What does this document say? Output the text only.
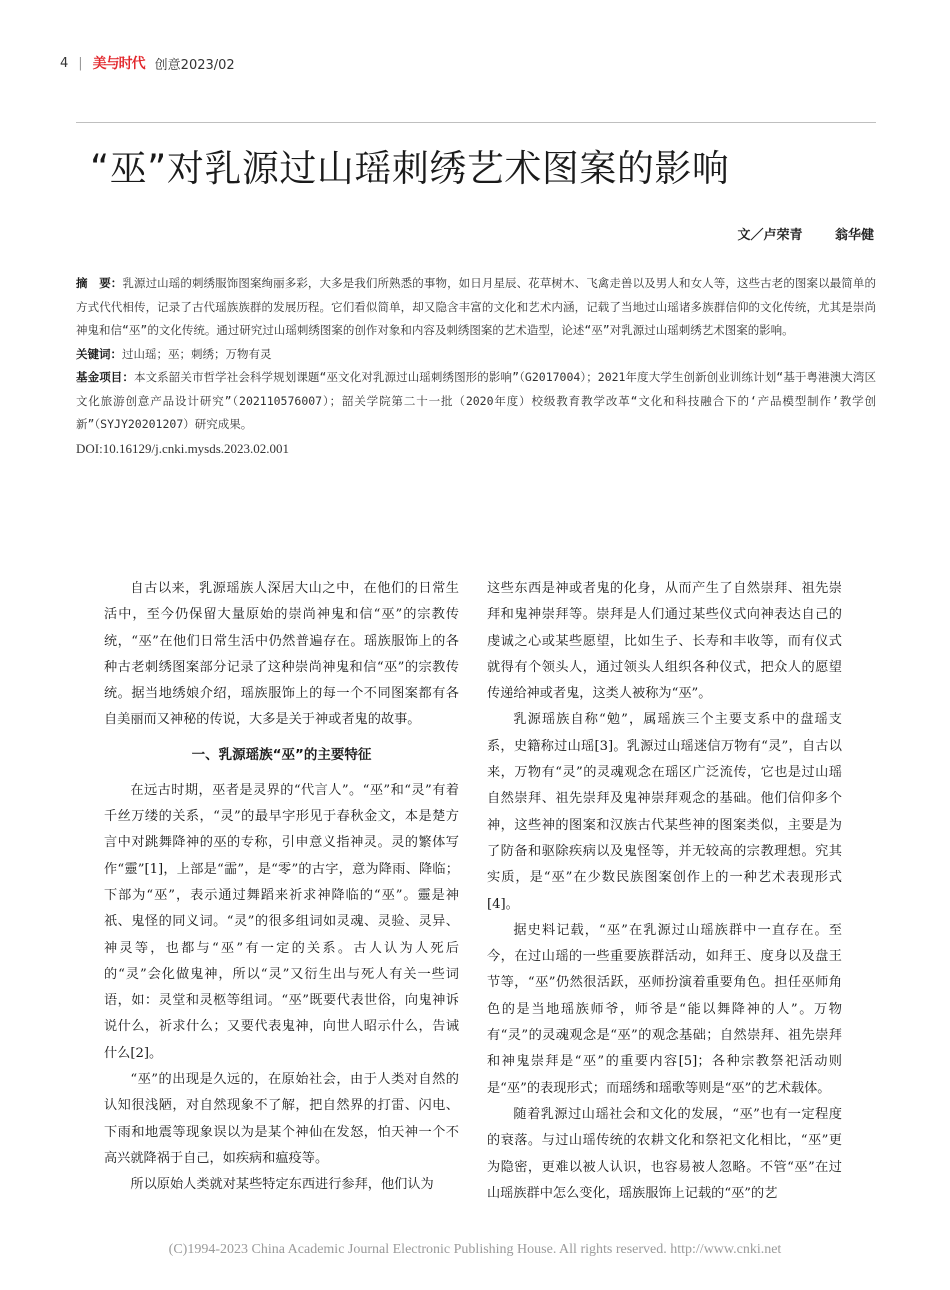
4 | 美与时代 创意2023/02
“巫”对乳源过山瑶刺绣艺术图案的影响
文／卢荣青	翁华健

摘　要：乳源过山瑶的刺绣服饰图案绚丽多彩，大多是我们所熟悉的事物，如日月星辰、花草树木、飞禽走兽以及男人和女人等，这些古老的图案以最简单的方式代代相传，记录了古代瑶族族群的发展历程。它们看似简单，却又隐含丰富的文化和艺术内涵，记载了当地过山瑶诸多族群信仰的文化传统，尤其是崇尚神鬼和信“巫”的文化传统。通过研究过山瑶刺绣图案的创作对象和内容及刺绣图案的艺术造型，论述“巫”对乳源过山瑶刺绣艺术图案的影响。

关键词：过山瑶；巫；刺绣；万物有灵

基金项目：本文系韶关市哲学社会科学规划课题“巫文化对乳源过山瑶刺绣图形的影响”（G2017004）；2021年度大学生创新创业训练计划“基于粤港澳大湾区文化旅游创意产品设计研究”（202110576007）；韶关学院第二十一批（2020年度）校级教育教学改革“文化和科技融合下的‘产品模型制作’教学创新”（SYJY20201207）研究成果。

DOI:10.16129/j.cnki.mysds.2023.02.001

自古以来，乳源瑶族人深居大山之中，在他们的日常生活中，至今仍保留大量原始的崇尚神鬼和信“巫”的宗教传统，“巫”在他们日常生活中仍然普遍存在。瑶族服饰上的各种古老刺绣图案部分记录了这种崇尚神鬼和信“巫”的宗教传统。据当地绣娘介绍，瑶族服饰上的每一个不同图案都有各自美丽而又神秘的传说，大多是关于神或者鬼的故事。

一、乳源瑶族“巫”的主要特征

在远古时期，巫者是灵界的“代言人”。“巫”和“灵”有着千丝万缕的关系，“灵”的最早字形见于春秋金文，本是楚方言中对跳舞降神的巫的专称，引申意义指神灵。灵的繁体写作“靈”[1]，上部是“霝”，是“零”的古字，意为降雨、降临；下部为“巫”，表示通过舞蹈来祈求神降临的“巫”。靈是神祇、鬼怪的同义词。“灵”的很多组词如灵魂、灵验、灵异、神灵等，也都与“巫”有一定的关系。古人认为人死后的“灵”会化做鬼神，所以“灵”又衍生出与死人有关一些词语，如：灵堂和灵柩等组词。“巫”既要代表世俗，向鬼神诉说什么，祈求什么；又要代表鬼神，向世人昭示什么，告诫什么[2]。

“巫”的出现是久远的，在原始社会，由于人类对自然的认知很浅陋，对自然现象不了解，把自然界的打雷、闪电、下雨和地震等现象误以为是某个神仙在发怒，怕天神一个不高兴就降祸于自己，如疾病和瘟疫等。

所以原始人类就对某些特定东西进行参拜，他们认为

这些东西是神或者鬼的化身，从而产生了自然崇拜、祖先崇拜和鬼神崇拜等。崇拜是人们通过某些仪式向神表达自己的虔诚之心或某些愿望，比如生子、长寿和丰收等，而有仪式就得有个领头人，通过领头人组织各种仪式，把众人的愿望传递给神或者鬼，这类人被称为“巫”。

乳源瑶族自称“勉”，属瑶族三个主要支系中的盘瑶支系，史籍称过山瑶[3]。乳源过山瑶迷信万物有“灵”，自古以来，万物有“灵”的灵魂观念在瑶区广泛流传，它也是过山瑶自然崇拜、祖先崇拜及鬼神崇拜观念的基础。他们信仰多个神，这些神的图案和汉族古代某些神的图案类似，主要是为了防备和驱除疾病以及鬼怪等，并无较高的宗教理想。究其实质，是“巫”在少数民族图案创作上的一种艺术表现形式[4]。

据史料记载，“巫”在乳源过山瑶族群中一直存在。至今，在过山瑶的一些重要族群活动，如拜王、度身以及盘王节等，“巫”仍然很活跃，巫师扮演着重要角色。担任巫师角色的是当地瑶族师爷，师爷是“能以舞降神的人”。万物有“灵”的灵魂观念是“巫”的观念基础；自然崇拜、祖先崇拜和神鬼崇拜是“巫”的重要内容[5]；各种宗教祭祀活动则是“巫”的表现形式；而瑶绣和瑶歌等则是“巫”的艺术载体。

随着乳源过山瑶社会和文化的发展，“巫”也有一定程度的衰落。与过山瑶传统的农耕文化和祭祀文化相比，“巫”更为隐密，更难以被人认识，也容易被人忽略。不管“巫”在过山瑶族群中怎么变化，瑶族服饰上记载的“巫”的艺

(C)1994-2023 China Academic Journal Electronic Publishing House. All rights reserved. http://www.cnki.net
